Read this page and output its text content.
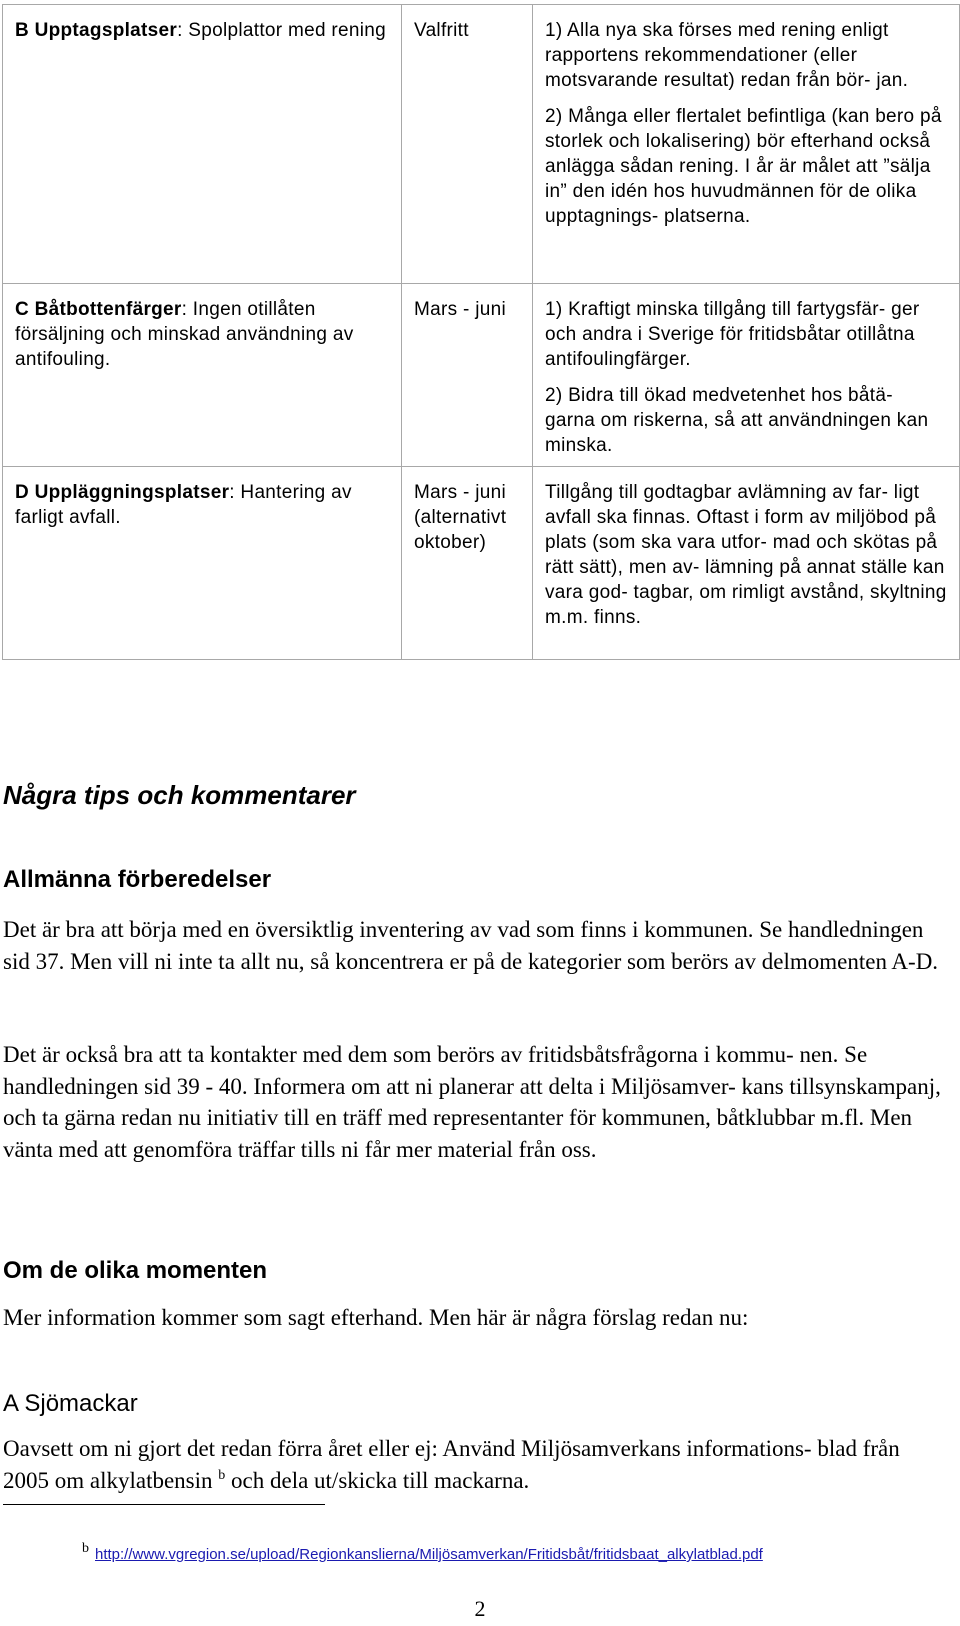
B Upptagsplatser: Spolplattor med rening	Valfritt	1) Alla nya ska förses med rening enligt rapportens rekommendationer (eller motsvarande resultat) redan från bör- jan.

2) Många eller flertalet befintliga (kan bero på storlek och lokalisering) bör efterhand också anlägga sådan rening. I år är målet att ”sälja in” den idén hos huvudmännen för de olika upptagnings- platserna.

C Båtbottenfärger: Ingen otillåten försäljning och minskad användning av antifouling.	Mars - juni	1) Kraftigt minska tillgång till fartygsfär- ger och andra i Sverige för fritidsbåtar otillåtna antifoulingfärger.

2) Bidra till ökad medvetenhet hos båtä- garna om riskerna, så att användningen kan minska.

D Uppläggningsplatser: Hantering av farligt avfall.	Mars - juni (alternativt oktober)	Tillgång till godtagbar avlämning av far- ligt avfall ska finnas. Oftast i form av miljöbod på plats (som ska vara utfor- mad och skötas på rätt sätt), men av- lämning på annat ställe kan vara god- tagbar, om rimligt avstånd, skyltning m.m. finns.

Några tips och kommentarer
Allmänna förberedelser

Det är bra att börja med en översiktlig inventering av vad som finns i kommunen. Se handledningen sid 37. Men vill ni inte ta allt nu, så koncentrera er på de kategorier som berörs av delmomenten A-D.

Det är också bra att ta kontakter med dem som berörs av fritidsbåtsfrågorna i kommu- nen. Se handledningen sid 39 - 40. Informera om att ni planerar att delta i Miljösamver- kans tillsynskampanj, och ta gärna redan nu initiativ till en träff med representanter för kommunen, båtklubbar m.fl. Men vänta med att genomföra träffar tills ni får mer material från oss.

Om de olika momenten

Mer information kommer som sagt efterhand. Men här är några förslag redan nu:

A Sjömackar

Oavsett om ni gjort det redan förra året eller ej: Använd Miljösamverkans informations- blad från 2005 om alkylatbensin $^b$ och dela ut/skicka till mackarna.

$^b$ http://www.vgregion.se/upload/Regionkanslierna/Miljösamverkan/Fritidsbåt/fritidsbaat_alkylatblad.pdf
2
